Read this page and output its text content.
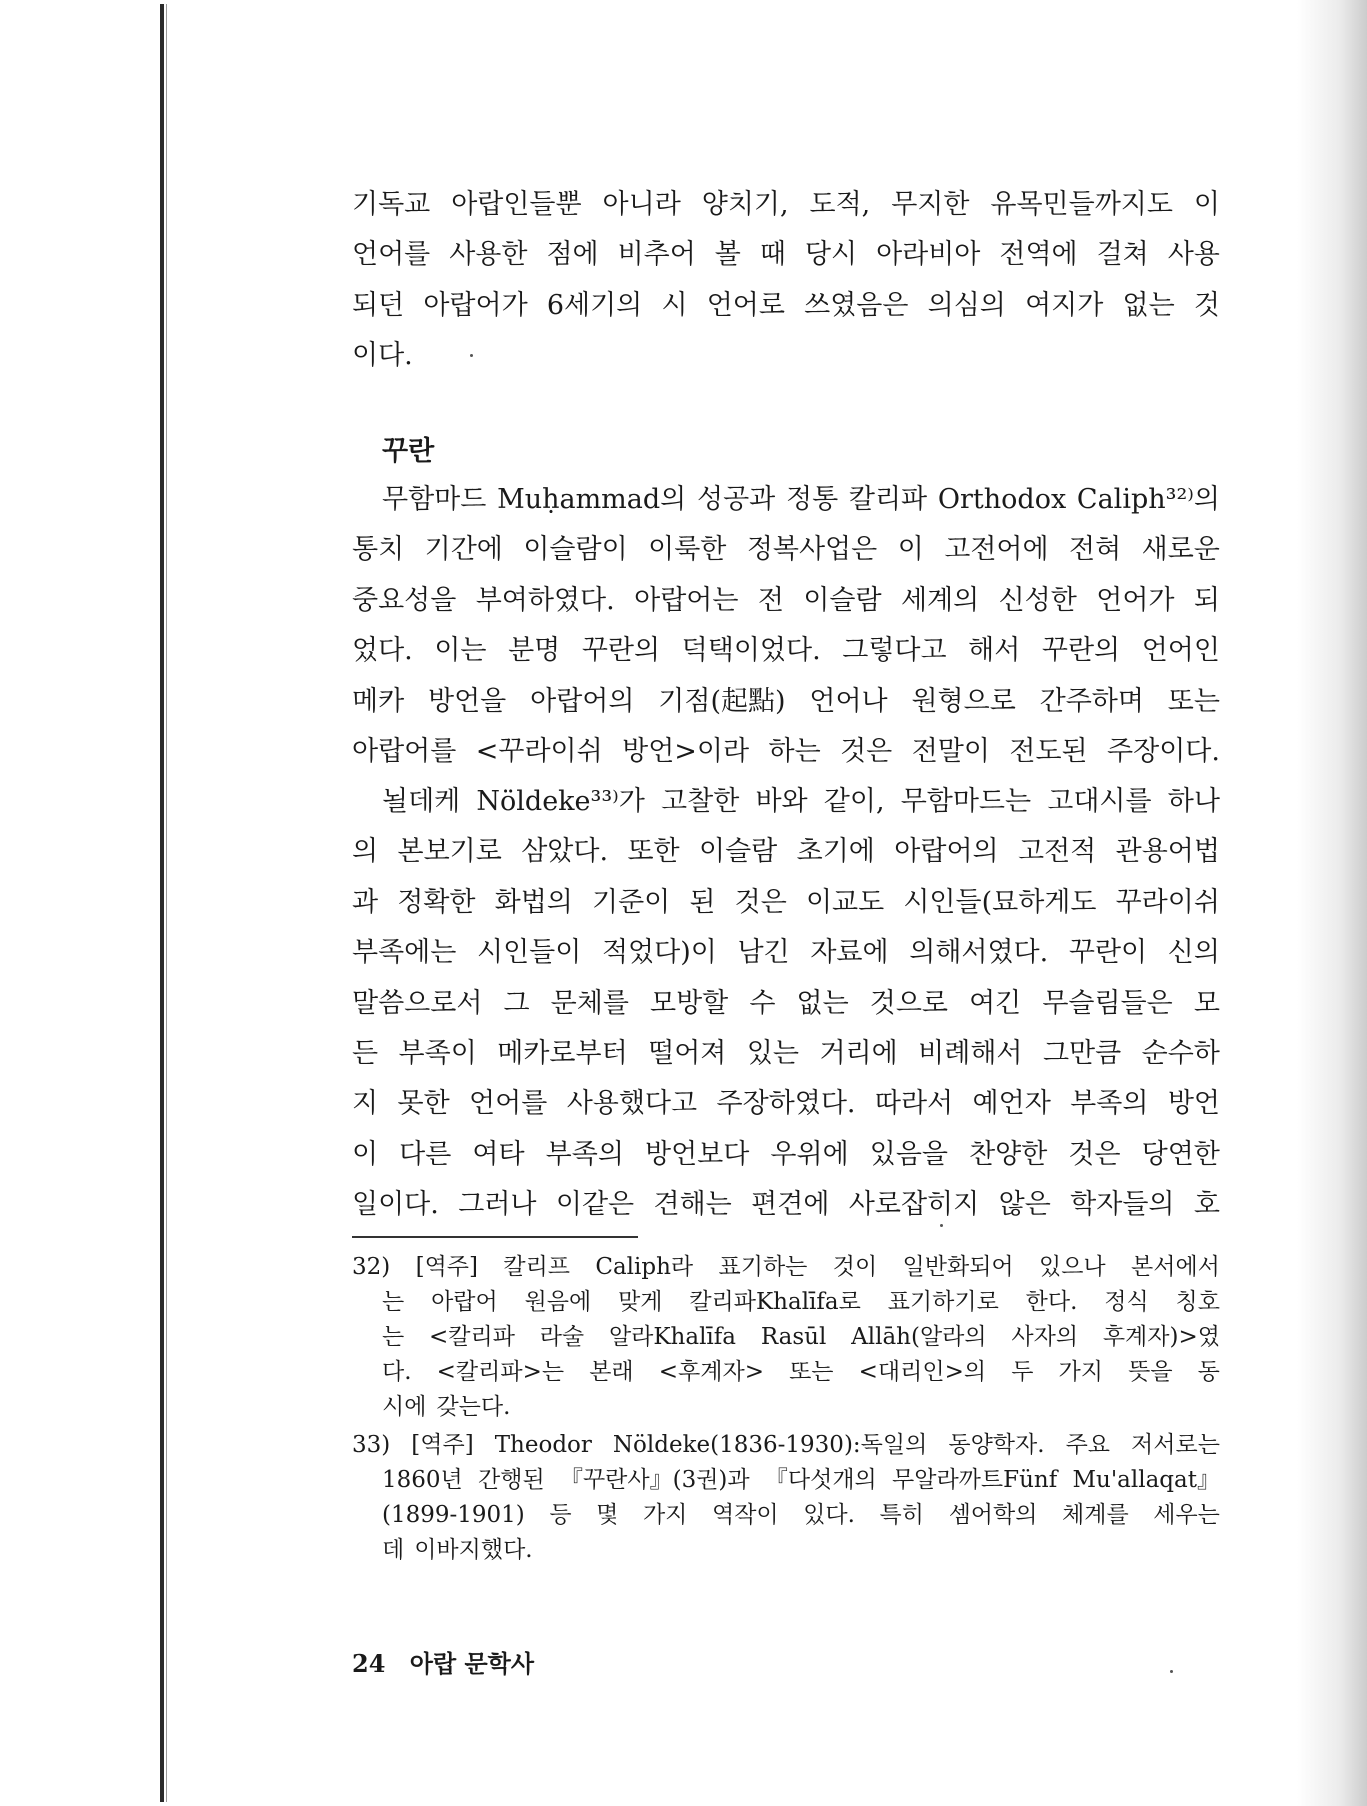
기독교 아랍인들뿐 아니라 양치기, 도적, 무지한 유목민들까지도 이
언어를 사용한 점에 비추어 볼 때 당시 아라비아 전역에 걸쳐 사용
되던 아랍어가 6세기의 시 언어로 쓰였음은 의심의 여지가 없는 것
이다.
꾸란
무함마드 Muḥammad의 성공과 정통 칼리파 Orthodox Caliph³²⁾의
통치 기간에 이슬람이 이룩한 정복사업은 이 고전어에 전혀 새로운
중요성을 부여하였다. 아랍어는 전 이슬람 세계의 신성한 언어가 되
었다. 이는 분명 꾸란의 덕택이었다. 그렇다고 해서 꾸란의 언어인
메카 방언을 아랍어의 기점(起點) 언어나 원형으로 간주하며 또는
아랍어를 <꾸라이쉬 방언>이라 하는 것은 전말이 전도된 주장이다.
뇔데케 Nöldeke³³⁾가 고찰한 바와 같이, 무함마드는 고대시를 하나
의 본보기로 삼았다. 또한 이슬람 초기에 아랍어의 고전적 관용어법
과 정확한 화법의 기준이 된 것은 이교도 시인들(묘하게도 꾸라이쉬
부족에는 시인들이 적었다)이 남긴 자료에 의해서였다. 꾸란이 신의
말씀으로서 그 문체를 모방할 수 없는 것으로 여긴 무슬림들은 모
든 부족이 메카로부터 떨어져 있는 거리에 비례해서 그만큼 순수하
지 못한 언어를 사용했다고 주장하였다. 따라서 예언자 부족의 방언
이 다른 여타 부족의 방언보다 우위에 있음을 찬양한 것은 당연한
일이다. 그러나 이같은 견해는 편견에 사로잡히지 않은 학자들의 호
32) [역주] 칼리프 Caliph라 표기하는 것이 일반화되어 있으나 본서에서
는 아랍어 원음에 맞게 칼리파Khalīfa로 표기하기로 한다. 정식 칭호
는 <칼리파 라술 알라Khalīfa Rasūl Allāh(알라의 사자의 후계자)>였
다. <칼리파>는 본래 <후계자> 또는 <대리인>의 두 가지 뜻을 동
시에 갖는다.
33) [역주] Theodor Nöldeke(1836-1930):독일의 동양학자. 주요 저서로는
1860년 간행된 『꾸란사』(3권)과 『다섯개의 무알라까트Fünf Mu'allaqat』
(1899-1901) 등 몇 가지 역작이 있다. 특히 셈어학의 체계를 세우는
데 이바지했다.
24 아랍 문학사
